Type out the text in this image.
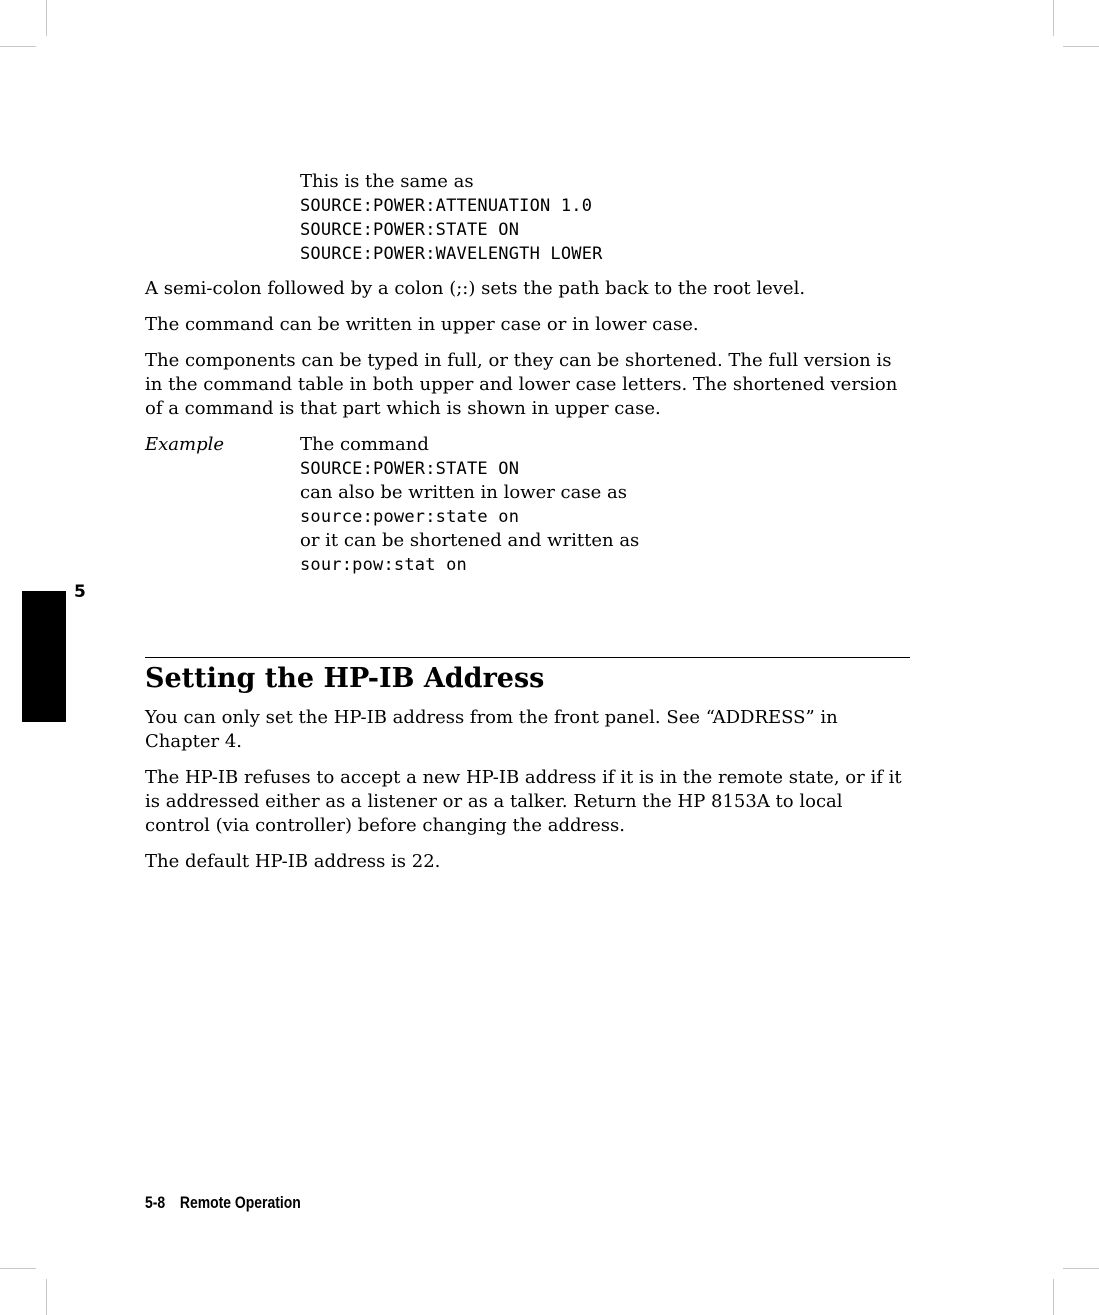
This is the same as
SOURCE:POWER:ATTENUATION 1.0
SOURCE:POWER:STATE ON
SOURCE:POWER:WAVELENGTH LOWER

A semi-colon followed by a colon (;:) sets the path back to the root level.

The command can be written in upper case or in lower case.

The components can be typed in full, or they can be shortened. The full version is in the command table in both upper and lower case letters. The shortened version of a command is that part which is shown in upper case.

Example	The command
SOURCE:POWER:STATE ON
can also be written in lower case as
source:power:state on
or it can be shortened and written as
sour:pow:stat on
5
Setting the HP-IB Address

You can only set the HP-IB address from the front panel. See “ADDRESS” in Chapter 4.

The HP-IB refuses to accept a new HP-IB address if it is in the remote state, or if it is addressed either as a listener or as a talker. Return the HP 8153A to local control (via controller) before changing the address.

The default HP-IB address is 22.

5-8 Remote Operation
